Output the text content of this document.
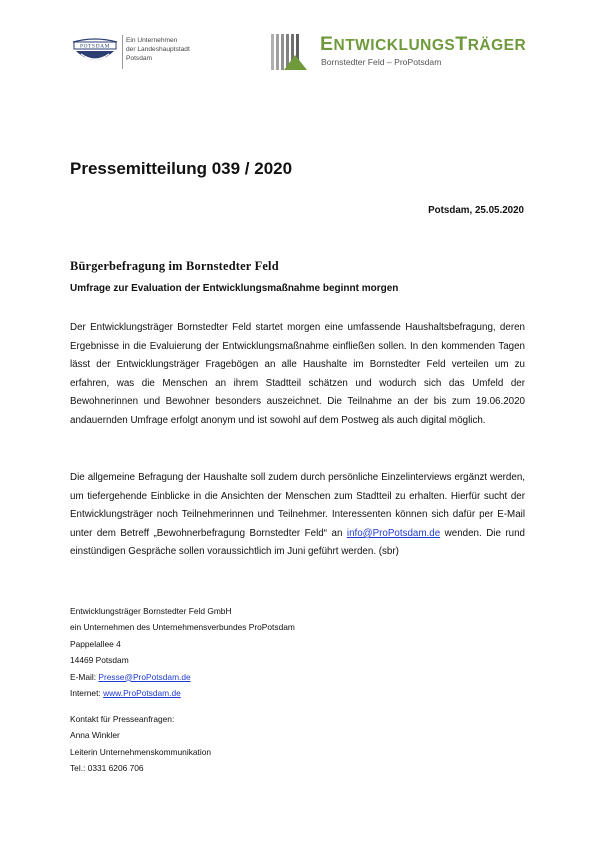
POTSDAM
Ein Unternehmen
der Landeshauptstadt
Potsdam
ENTWICKLUNGSTRÄGER
Bornstedter Feld – ProPotsdam
Pressemitteilung 039 / 2020
Potsdam, 25.05.2020
Bürgerbefragung im Bornstedter Feld
Umfrage zur Evaluation der Entwicklungsmaßnahme beginnt morgen
Der Entwicklungsträger Bornstedter Feld startet morgen eine umfassende Haushaltsbefragung, deren Ergebnisse in die Evaluierung der Entwicklungsmaßnahme einfließen sollen. In den kommenden Tagen lässt der Entwicklungsträger Fragebögen an alle Haushalte im Bornstedter Feld verteilen um zu erfahren, was die Menschen an ihrem Stadtteil schätzen und wodurch sich das Umfeld der Bewohnerinnen und Bewohner besonders auszeichnet. Die Teilnahme an der bis zum 19.06.2020 andauernden Umfrage erfolgt anonym und ist sowohl auf dem Postweg als auch digital möglich.
Die allgemeine Befragung der Haushalte soll zudem durch persönliche Einzelinterviews ergänzt werden, um tiefergehende Einblicke in die Ansichten der Menschen zum Stadtteil zu erhalten. Hierfür sucht der Entwicklungsträger noch Teilnehmerinnen und Teilnehmer. Interessenten können sich dafür per E-Mail unter dem Betreff „Bewohnerbefragung Bornstedter Feld“ an info@ProPotsdam.de wenden. Die rund einstündigen Gespräche sollen voraussichtlich im Juni geführt werden. (sbr)
Entwicklungsträger Bornstedter Feld GmbH
ein Unternehmen des Unternehmensverbundes ProPotsdam
Pappelallee 4
14469 Potsdam
E-Mail: Presse@ProPotsdam.de
Internet: www.ProPotsdam.de
Kontakt für Presseanfragen:
Anna Winkler
Leiterin Unternehmenskommunikation
Tel.: 0331 6206 706
